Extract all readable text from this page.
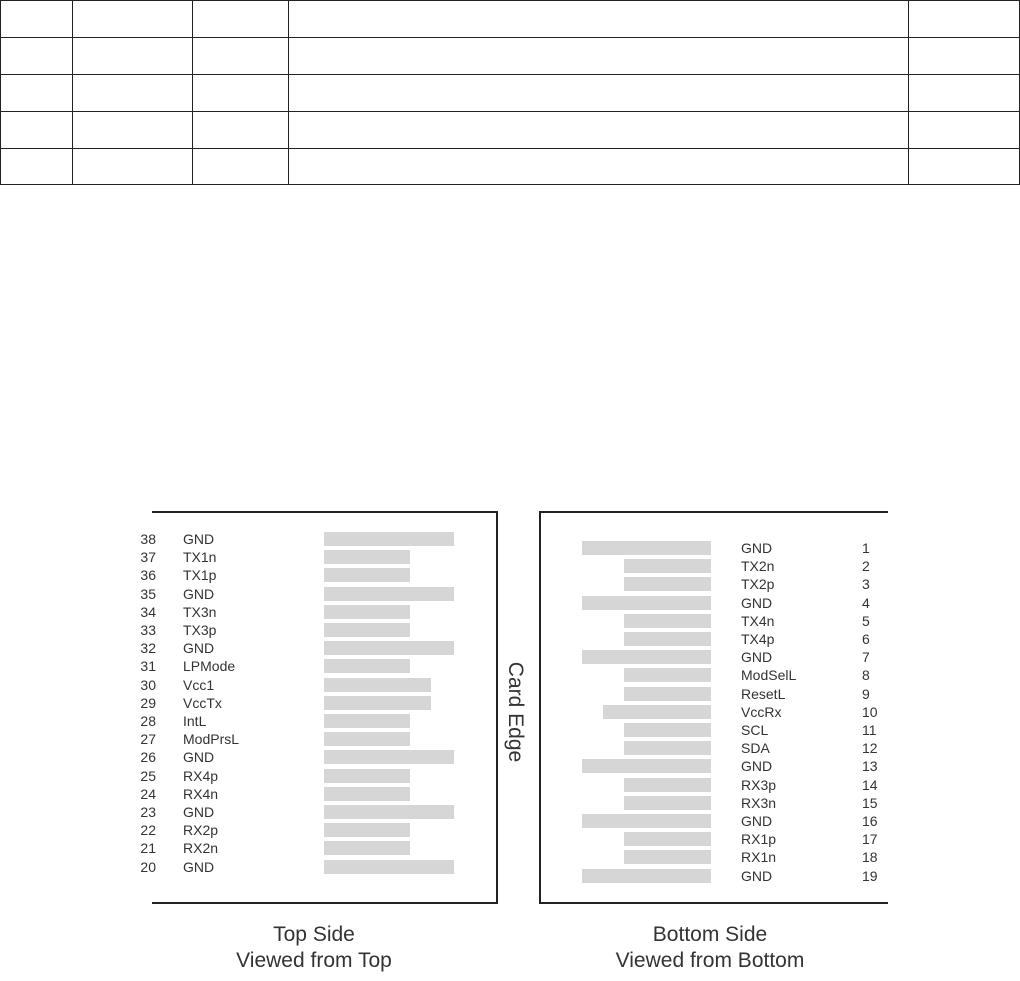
38 GND
37 TX1n
36 TX1p
35 GND
34 TX3n
33 TX3p
32 GND
31 LPMode
30 Vcc1
29 VccTx
28 IntL
27 ModPrsL
26 GND
25 RX4p
24 RX4n
23 GND
22 RX2p
21 RX2n
20 GND
GND	1
TX2n	2
TX2p	3
GND	4
TX4n	5
TX4p	6
GND	7
ModSelL	8
ResetL	9
VccRx	10
SCL	11
SDA	12
GND	13
RX3p	14
RX3n	15
GND	16
RX1p	17
RX1n	18
GND	19
Card Edge
Top Side
Viewed from Top
Bottom Side
Viewed from Bottom
